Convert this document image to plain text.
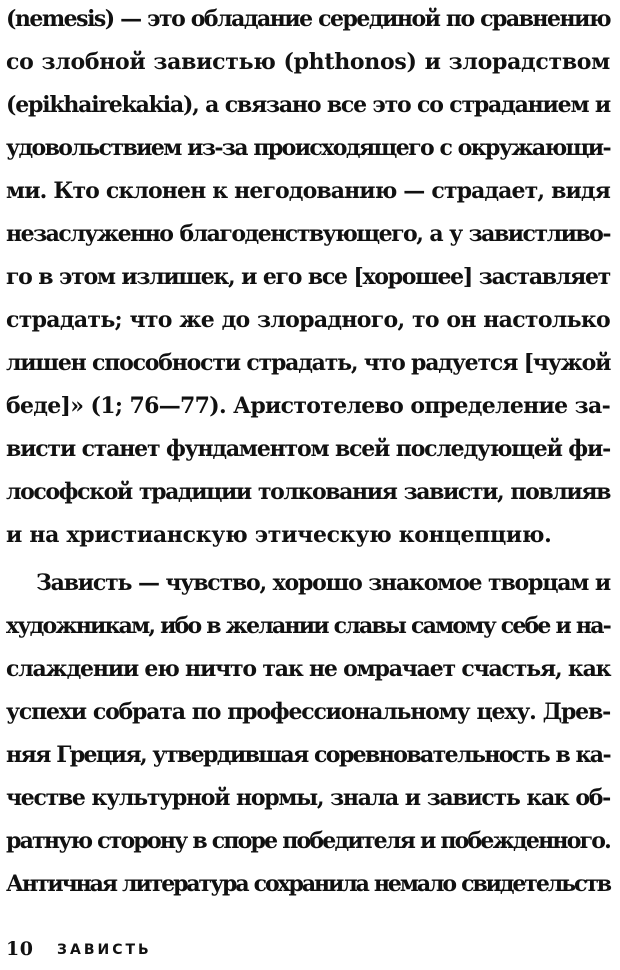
(nemesis) — это обладание серединой по сравнению
со злобной завистью (phthonos) и злорадством
(epikhairekakia), а связано все это со страданием и
удовольствием из-за происходящего с окружающи-
ми. Кто склонен к негодованию — страдает, видя
незаслуженно благоденствующего, а у завистливо-
го в этом излишек, и его все [хорошее] заставляет
страдать; что же до злорадного, то он настолько
лишен способности страдать, что радуется [чужой
беде]» (1; 76—77). Аристотелево определение за-
висти станет фундаментом всей последующей фи-
лософской традиции толкования зависти, повлияв
и на христианскую этическую концепцию.
Зависть — чувство, хорошо знакомое творцам и
художникам, ибо в желании славы самому себе и на-
слаждении ею ничто так не омрачает счастья, как
успехи собрата по профессиональному цеху. Древ-
няя Греция, утвердившая соревновательность в ка-
честве культурной нормы, знала и зависть как об-
ратную сторону в споре победителя и побежденного.
Античная литература сохранила немало свидетельств
10 ЗАВИСТЬ
